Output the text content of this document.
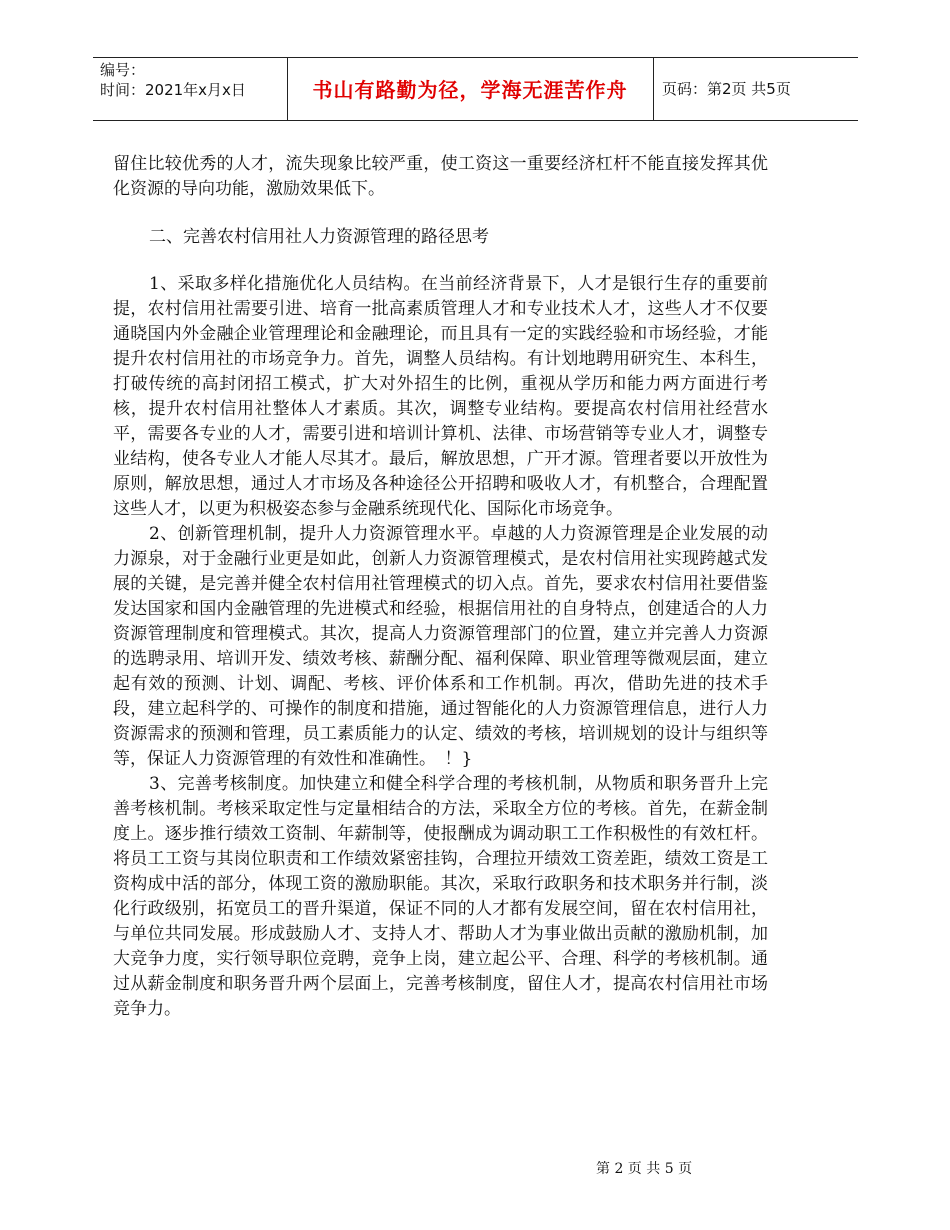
编号：
时间：2021年x月x日	书山有路勤为径，学海无涯苦作舟	页码：第2页 共5页

留住比较优秀的人才，流失现象比较严重，使工资这一重要经济杠杆不能直接发挥其优化资源的导向功能，激励效果低下。

二、完善农村信用社人力资源管理的路径思考

1、采取多样化措施优化人员结构。在当前经济背景下，人才是银行生存的重要前提，农村信用社需要引进、培育一批高素质管理人才和专业技术人才，这些人才不仅要通晓国内外金融企业管理理论和金融理论，而且具有一定的实践经验和市场经验，才能提升农村信用社的市场竞争力。首先，调整人员结构。有计划地聘用研究生、本科生，打破传统的高封闭招工模式，扩大对外招生的比例，重视从学历和能力两方面进行考核，提升农村信用社整体人才素质。其次，调整专业结构。要提高农村信用社经营水平，需要各专业的人才，需要引进和培训计算机、法律、市场营销等专业人才，调整专业结构，使各专业人才能人尽其才。最后，解放思想，广开才源。管理者要以开放性为原则，解放思想，通过人才市场及各种途径公开招聘和吸收人才，有机整合，合理配置这些人才，以更为积极姿态参与金融系统现代化、国际化市场竞争。

2、创新管理机制，提升人力资源管理水平。卓越的人力资源管理是企业发展的动力源泉，对于金融行业更是如此，创新人力资源管理模式，是农村信用社实现跨越式发展的关键，是完善并健全农村信用社管理模式的切入点。首先，要求农村信用社要借鉴发达国家和国内金融管理的先进模式和经验，根据信用社的自身特点，创建适合的人力资源管理制度和管理模式。其次，提高人力资源管理部门的位置，建立并完善人力资源的选聘录用、培训开发、绩效考核、薪酬分配、福利保障、职业管理等微观层面，建立起有效的预测、计划、调配、考核、评价体系和工作机制。再次，借助先进的技术手段，建立起科学的、可操作的制度和措施，通过智能化的人力资源管理信息，进行人力资源需求的预测和管理，员工素质能力的认定、绩效的考核，培训规划的设计与组织等等，保证人力资源管理的有效性和准确性。　！}

3、完善考核制度。加快建立和健全科学合理的考核机制，从物质和职务晋升上完善考核机制。考核采取定性与定量相结合的方法，采取全方位的考核。首先，在薪金制度上。逐步推行绩效工资制、年薪制等，使报酬成为调动职工工作积极性的有效杠杆。将员工工资与其岗位职责和工作绩效紧密挂钩，合理拉开绩效工资差距，绩效工资是工资构成中活的部分，体现工资的激励职能。其次，采取行政职务和技术职务并行制，淡化行政级别，拓宽员工的晋升渠道，保证不同的人才都有发展空间，留在农村信用社，与单位共同发展。形成鼓励人才、支持人才、帮助人才为事业做出贡献的激励机制，加大竞争力度，实行领导职位竞聘，竞争上岗，建立起公平、合理、科学的考核机制。通过从薪金制度和职务晋升两个层面上，完善考核制度，留住人才，提高农村信用社市场竞争力。

第 2 页 共 5 页
